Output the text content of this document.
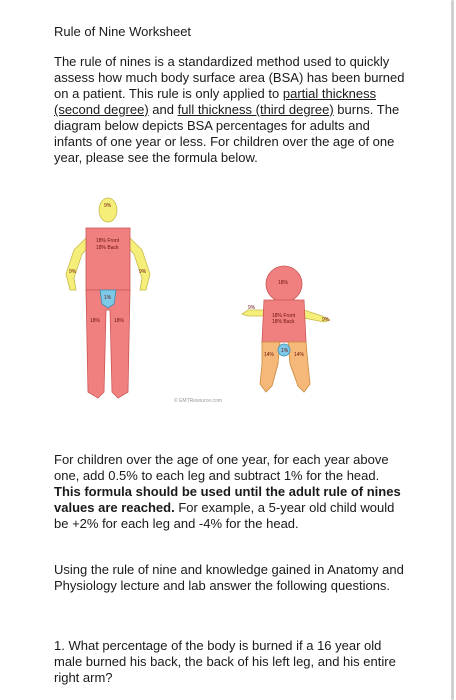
Rule of Nine Worksheet
The rule of nines is a standardized method used to quickly assess how much body surface area (BSA) has been burned on a patient. This rule is only applied to partial thickness (second degree) and full thickness (third degree) burns. The diagram below depicts BSA percentages for adults and infants of one year or less. For children over the age of one year, please see the formula below.
9%
18% Front
18% Back
9%	9%
1%
18%	18%
18%
18% Front
18% Back
9%
9%
1%
14%	14%
© EMTResource.com
For children over the age of one year, for each year above one, add 0.5% to each leg and subtract 1% for the head. This formula should be used until the adult rule of nines values are reached. For example, a 5-year old child would be +2% for each leg and -4% for the head.
Using the rule of nine and knowledge gained in Anatomy and Physiology lecture and lab answer the following questions.
1. What percentage of the body is burned if a 16 year old male burned his back, the back of his left leg, and his entire right arm?
